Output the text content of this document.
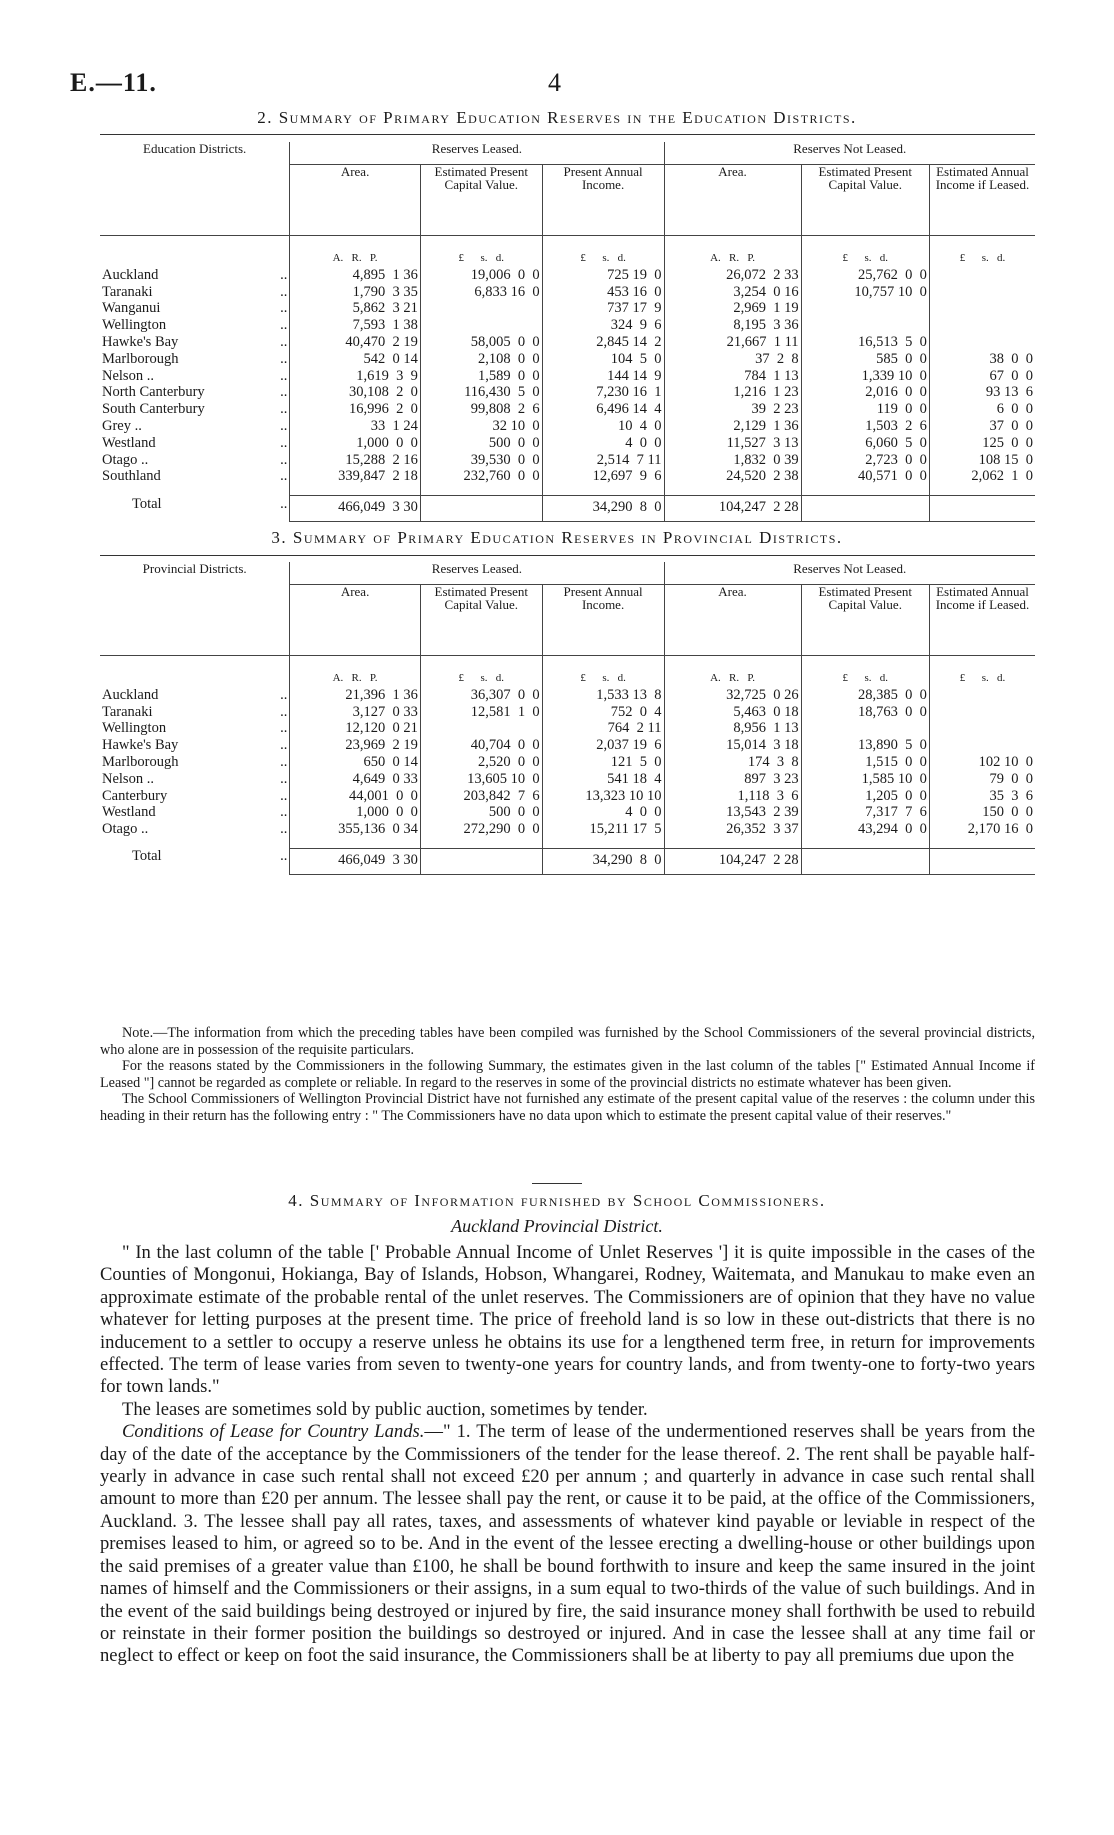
E.—11.	4
2. Summary of Primary Education Reserves in the Education Districts.
Education Districts.		Reserves Leased.			Reserves Not Leased.		
		Area.	Estimated Present Capital Value.	Present Annual Income.	Area.	Estimated Present Capital Value.	Estimated Annual Income if Leased.
		A.   R.   P.	£      s.   d.	£      s.   d.	A.   R.   P.	£      s.   d.	£      s.   d.
Auckland	..	4,895  1 36	19,006  0  0	725 19  0	26,072  2 33	25,762  0  0	
Taranaki	..	1,790  3 35	6,833 16  0	453 16  0	3,254  0 16	10,757 10  0	
Wanganui	..	5,862  3 21		737 17  9	2,969  1 19		
Wellington	..	7,593  1 38		324  9  6	8,195  3 36		
Hawke's Bay	..	40,470  2 19	58,005  0  0	2,845 14  2	21,667  1 11	16,513  5  0	
Marlborough	..	542  0 14	2,108  0  0	104  5  0	37  2  8	585  0  0	38  0  0
Nelson ..	..	1,619  3  9	1,589  0  0	144 14  9	784  1 13	1,339 10  0	67  0  0
North Canterbury	..	30,108  2  0	116,430  5  0	7,230 16  1	1,216  1 23	2,016  0  0	93 13  6
South Canterbury	..	16,996  2  0	99,808  2  6	6,496 14  4	39  2 23	119  0  0	6  0  0
Grey ..	..	33  1 24	32 10  0	10  4  0	2,129  1 36	1,503  2  6	37  0  0
Westland	..	1,000  0  0	500  0  0	4  0  0	11,527  3 13	6,060  5  0	125  0  0
Otago ..	..	15,288  2 16	39,530  0  0	2,514  7 11	1,832  0 39	2,723  0  0	108 15  0
Southland	..	339,847  2 18	232,760  0  0	12,697  9  6	24,520  2 38	40,571  0  0	2,062  1  0

Total	..	466,049  3 30		34,290  8  0	104,247  2 28		
3. Summary of Primary Education Reserves in Provincial Districts.
Provincial Districts.		Reserves Leased.			Reserves Not Leased.		
		Area.	Estimated Present Capital Value.	Present Annual Income.	Area.	Estimated Present Capital Value.	Estimated Annual Income if Leased.
		A.   R.   P.	£      s.   d.	£      s.   d.	A.   R.   P.	£      s.   d.	£      s.   d.
Auckland	..	21,396  1 36	36,307  0  0	1,533 13  8	32,725  0 26	28,385  0  0	
Taranaki	..	3,127  0 33	12,581  1  0	752  0  4	5,463  0 18	18,763  0  0	
Wellington	..	12,120  0 21		764  2 11	8,956  1 13		
Hawke's Bay	..	23,969  2 19	40,704  0  0	2,037 19  6	15,014  3 18	13,890  5  0	
Marlborough	..	650  0 14	2,520  0  0	121  5  0	174  3  8	1,515  0  0	102 10  0
Nelson ..	..	4,649  0 33	13,605 10  0	541 18  4	897  3 23	1,585 10  0	79  0  0
Canterbury	..	44,001  0  0	203,842  7  6	13,323 10 10	1,118  3  6	1,205  0  0	35  3  6
Westland	..	1,000  0  0	500  0  0	4  0  0	13,543  2 39	7,317  7  6	150  0  0
Otago ..	..	355,136  0 34	272,290  0  0	15,211 17  5	26,352  3 37	43,294  0  0	2,170 16  0

Total	..	466,049  3 30		34,290  8  0	104,247  2 28		

Note.—The information from which the preceding tables have been compiled was furnished by the School Commissioners of the several provincial districts, who alone are in possession of the requisite particulars.

For the reasons stated by the Commissioners in the following Summary, the estimates given in the last column of the tables [" Estimated Annual Income if Leased "] cannot be regarded as complete or reliable. In regard to the reserves in some of the provincial districts no estimate whatever has been given.

The School Commissioners of Wellington Provincial District have not furnished any estimate of the present capital value of the reserves : the column under this heading in their return has the following entry : " The Commissioners have no data upon which to estimate the present capital value of their reserves."

4. Summary of Information furnished by School Commissioners.
Auckland Provincial District.

" In the last column of the table [' Probable Annual Income of Unlet Reserves '] it is quite impossible in the cases of the Counties of Mongonui, Hokianga, Bay of Islands, Hobson, Whangarei, Rodney, Waitemata, and Manukau to make even an approximate estimate of the probable rental of the unlet reserves. The Commissioners are of opinion that they have no value whatever for letting purposes at the present time. The price of freehold land is so low in these out-districts that there is no inducement to a settler to occupy a reserve unless he obtains its use for a lengthened term free, in return for improvements effected. The term of lease varies from seven to twenty-one years for country lands, and from twenty-one to forty-two years for town lands."

The leases are sometimes sold by public auction, sometimes by tender.

Conditions of Lease for Country Lands.—" 1. The term of lease of the undermentioned reserves shall be years from the day of the date of the acceptance by the Commissioners of the tender for the lease thereof. 2. The rent shall be payable half-yearly in advance in case such rental shall not exceed £20 per annum ; and quarterly in advance in case such rental shall amount to more than £20 per annum. The lessee shall pay the rent, or cause it to be paid, at the office of the Commissioners, Auckland. 3. The lessee shall pay all rates, taxes, and assessments of whatever kind payable or leviable in respect of the premises leased to him, or agreed so to be. And in the event of the lessee erecting a dwelling-house or other buildings upon the said premises of a greater value than £100, he shall be bound forthwith to insure and keep the same insured in the joint names of himself and the Commissioners or their assigns, in a sum equal to two-thirds of the value of such buildings. And in the event of the said buildings being destroyed or injured by fire, the said insurance money shall forthwith be used to rebuild or reinstate in their former position the buildings so destroyed or injured. And in case the lessee shall at any time fail or neglect to effect or keep on foot the said insurance, the Commissioners shall be at liberty to pay all premiums due upon the
